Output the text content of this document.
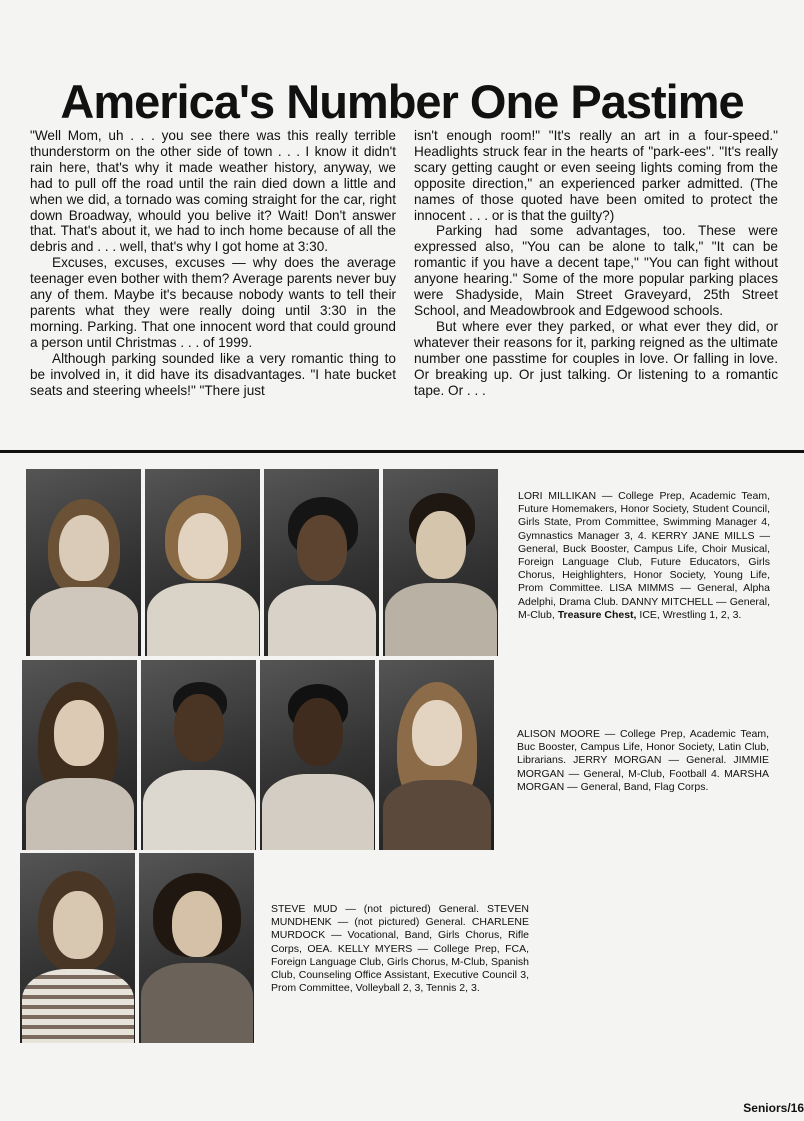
America's Number One Pastime

"Well Mom, uh . . . you see there was this really terrible thunderstorm on the other side of town . . . I know it didn't rain here, that's why it made weather history, anyway, we had to pull off the road until the rain died down a little and when we did, a tornado was coming straight for the car, right down Broadway, whould you belive it? Wait! Don't answer that. That's about it, we had to inch home because of all the debris and . . . well, that's why I got home at 3:30.

Excuses, excuses, excuses — why does the average teenager even bother with them? Average parents never buy any of them. Maybe it's because nobody wants to tell their parents what they were really doing until 3:30 in the morning. Parking. That one innocent word that could ground a person until Christmas . . . of 1999.

Although parking sounded like a very romantic thing to be involved in, it did have its disadvantages. "I hate bucket seats and steering wheels!" "There just

isn't enough room!" "It's really an art in a four-speed." Headlights struck fear in the hearts of "park-ees". "It's really scary getting caught or even seeing lights coming from the opposite direction," an experienced parker admitted. (The names of those quoted have been omited to protect the innocent . . . or is that the guilty?)

Parking had some advantages, too. These were expressed also, "You can be alone to talk," "It can be romantic if you have a decent tape," "You can fight without anyone hearing." Some of the more popular parking places were Shadyside, Main Street Graveyard, 25th Street School, and Meadowbrook and Edgewood schools.

But where ever they parked, or what ever they did, or whatever their reasons for it, parking reigned as the ultimate number one passtime for couples in love. Or falling in love. Or breaking up. Or just talking. Or listening to a romantic tape. Or . . .

LORI MILLIKAN — College Prep, Academic Team, Future Homemakers, Honor Society, Student Council, Girls State, Prom Committee, Swimming Manager 4, Gymnastics Manager 3, 4. KERRY JANE MILLS — General, Buck Booster, Campus Life, Choir Musical, Foreign Language Club, Future Educators, Girls Chorus, Heighlighters, Honor Society, Young Life, Prom Committee. LISA MIMMS — General, Alpha Adelphi, Drama Club. DANNY MITCHELL — General, M-Club, Treasure Chest, ICE, Wrestling 1, 2, 3.
ALISON MOORE — College Prep, Academic Team, Buc Booster, Campus Life, Honor Society, Latin Club, Librarians. JERRY MORGAN — General. JIMMIE MORGAN — General, M-Club, Football 4. MARSHA MORGAN — General, Band, Flag Corps.
STEVE MUD — (not pictured) General. STEVEN MUNDHENK — (not pictured) General. CHARLENE MURDOCK — Vocational, Band, Girls Chorus, Rifle Corps, OEA. KELLY MYERS — College Prep, FCA, Foreign Language Club, Girls Chorus, M-Club, Spanish Club, Counseling Office Assistant, Executive Council 3, Prom Committee, Volleyball 2, 3, Tennis 2, 3.
Seniors/16
